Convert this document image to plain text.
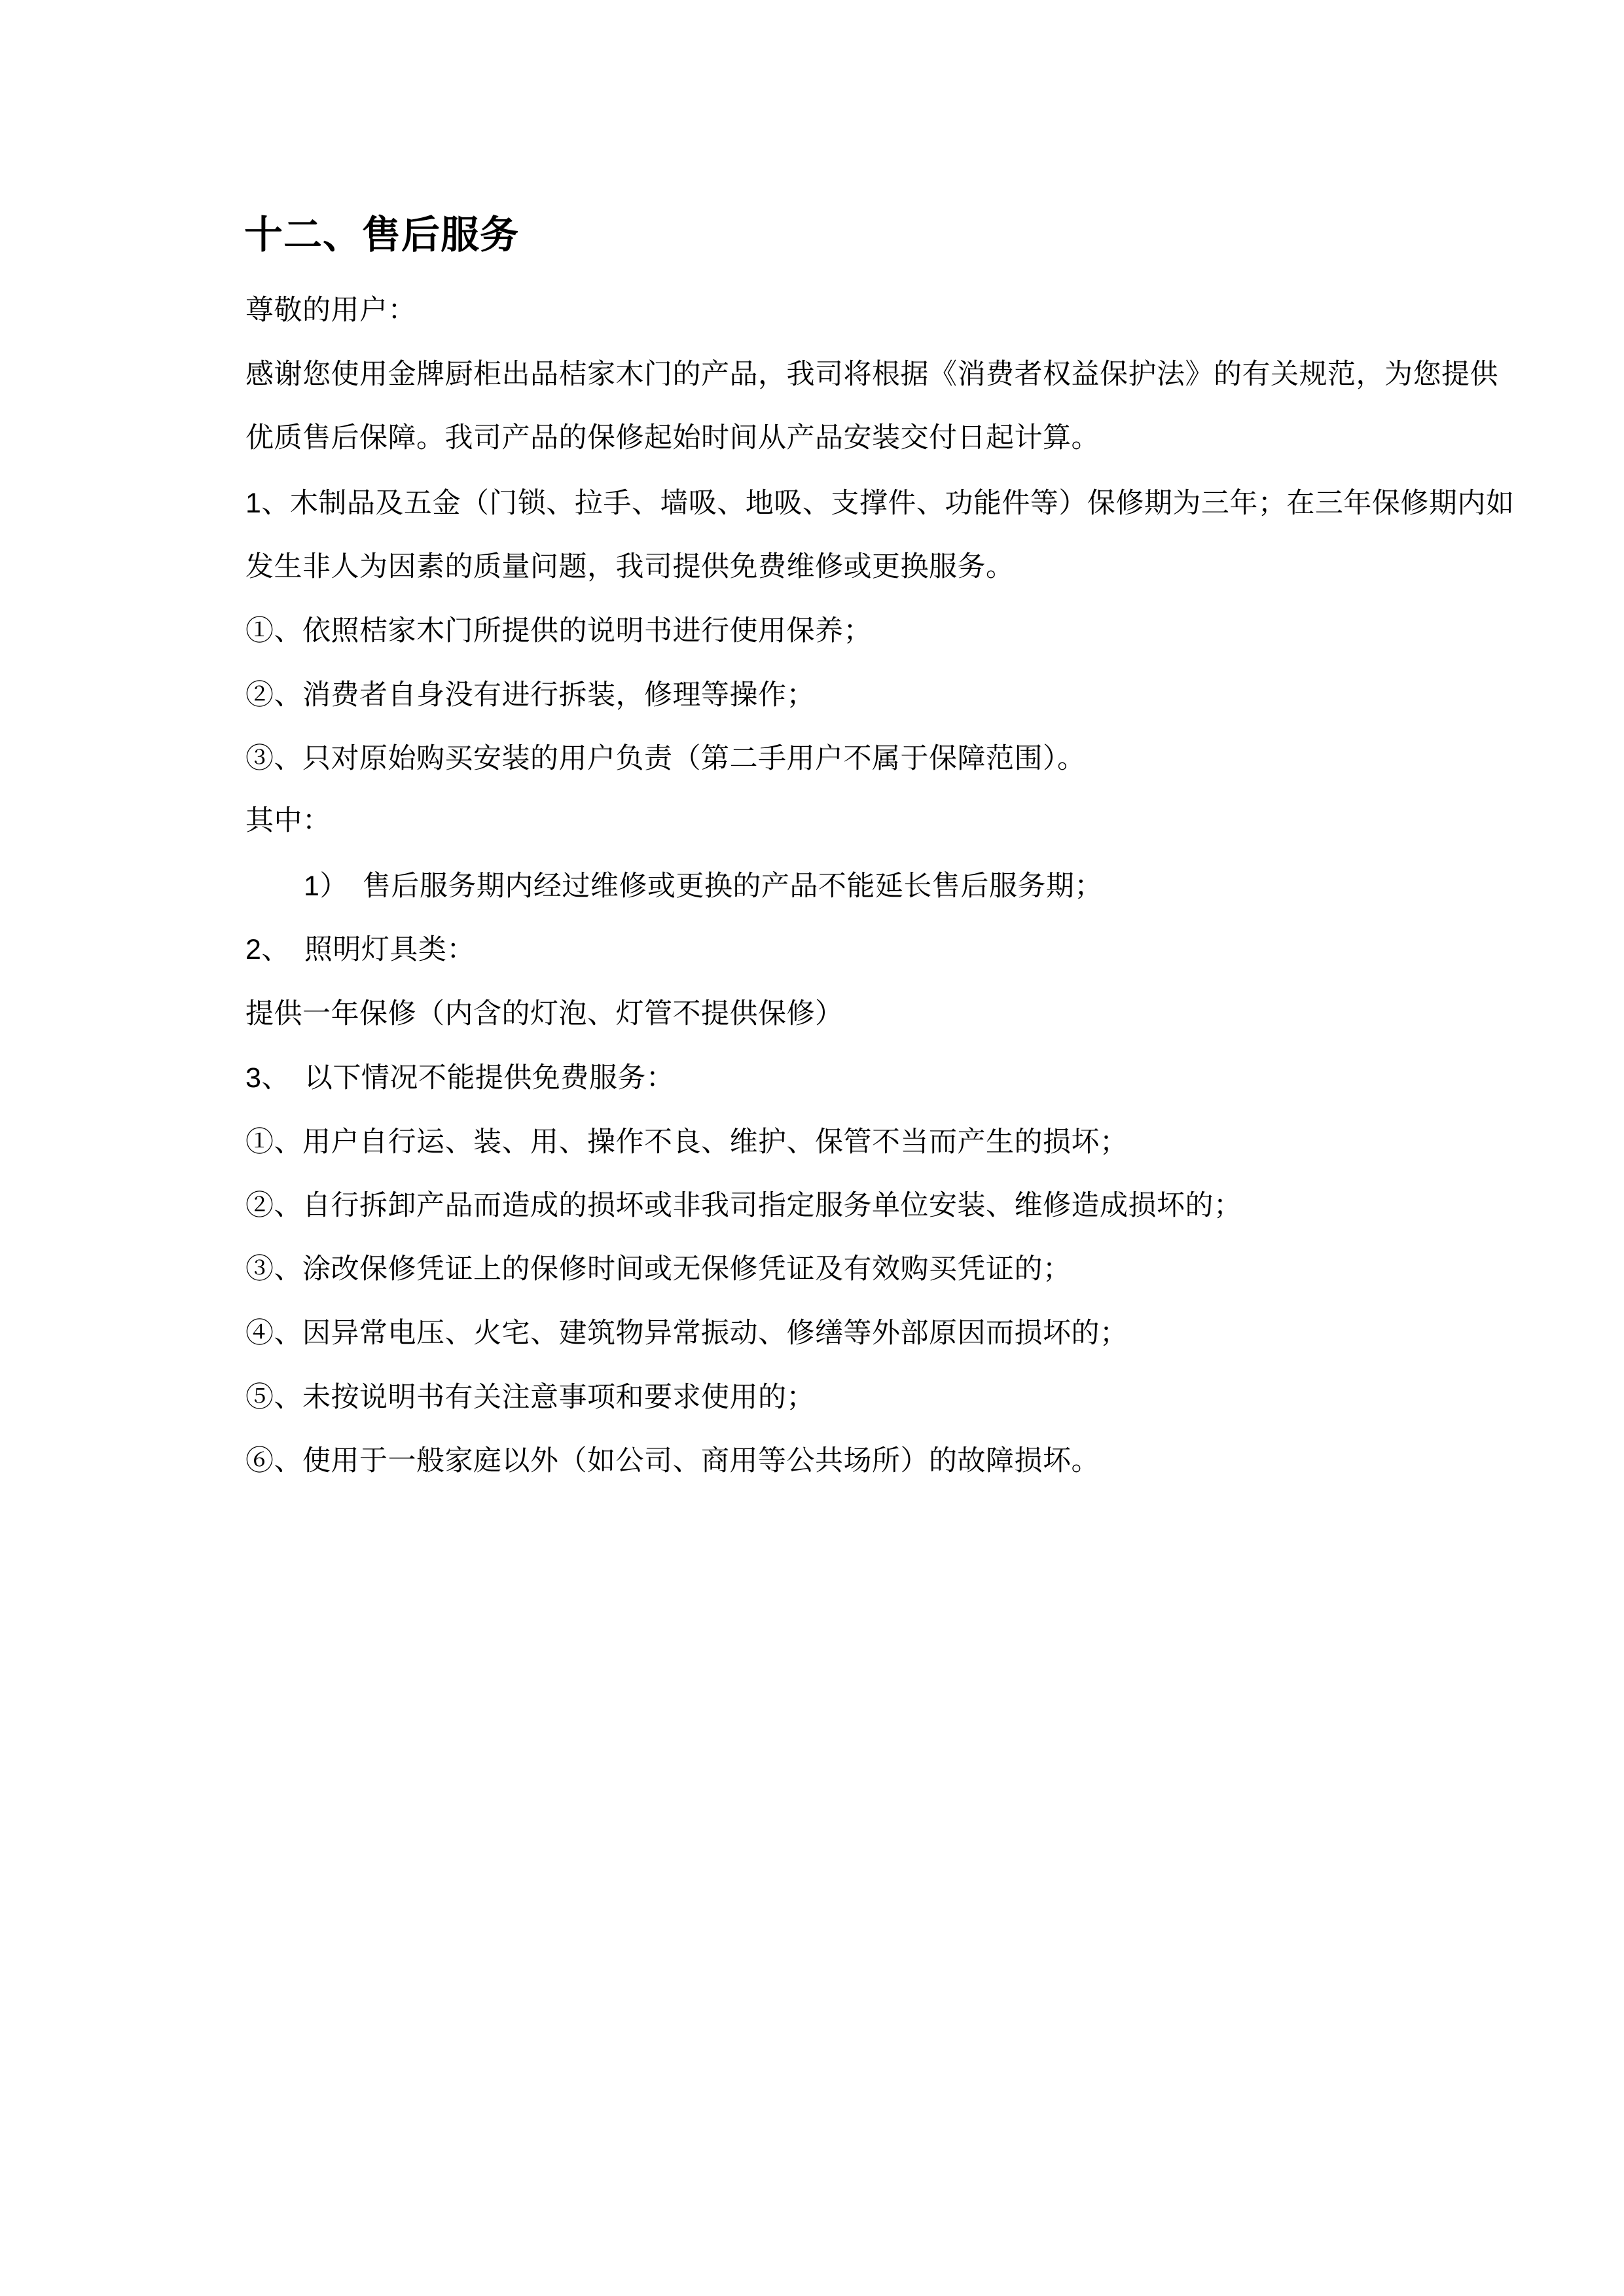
十二、售后服务

尊敬的用户：

感谢您使用金牌厨柜出品桔家木门的产品，我司将根据《消费者权益保护法》的有关规范，为您提供

优质售后保障。我司产品的保修起始时间从产品安装交付日起计算。

1、木制品及五金（门锁、拉手、墙吸、地吸、支撑件、功能件等）保修期为三年；在三年保修期内如

发生非人为因素的质量问题，我司提供免费维修或更换服务。

①、依照桔家木门所提供的说明书进行使用保养；

②、消费者自身没有进行拆装，修理等操作；

③、只对原始购买安装的用户负责（第二手用户不属于保障范围）。

其中：

1）　售后服务期内经过维修或更换的产品不能延长售后服务期；

2、　照明灯具类：

提供一年保修（内含的灯泡、灯管不提供保修）

3、　以下情况不能提供免费服务：

①、用户自行运、装、用、操作不良、维护、保管不当而产生的损坏；

②、自行拆卸产品而造成的损坏或非我司指定服务单位安装、维修造成损坏的；

③、涂改保修凭证上的保修时间或无保修凭证及有效购买凭证的；

④、因异常电压、火宅、建筑物异常振动、修缮等外部原因而损坏的；

⑤、未按说明书有关注意事项和要求使用的；

⑥、使用于一般家庭以外（如公司、商用等公共场所）的故障损坏。
